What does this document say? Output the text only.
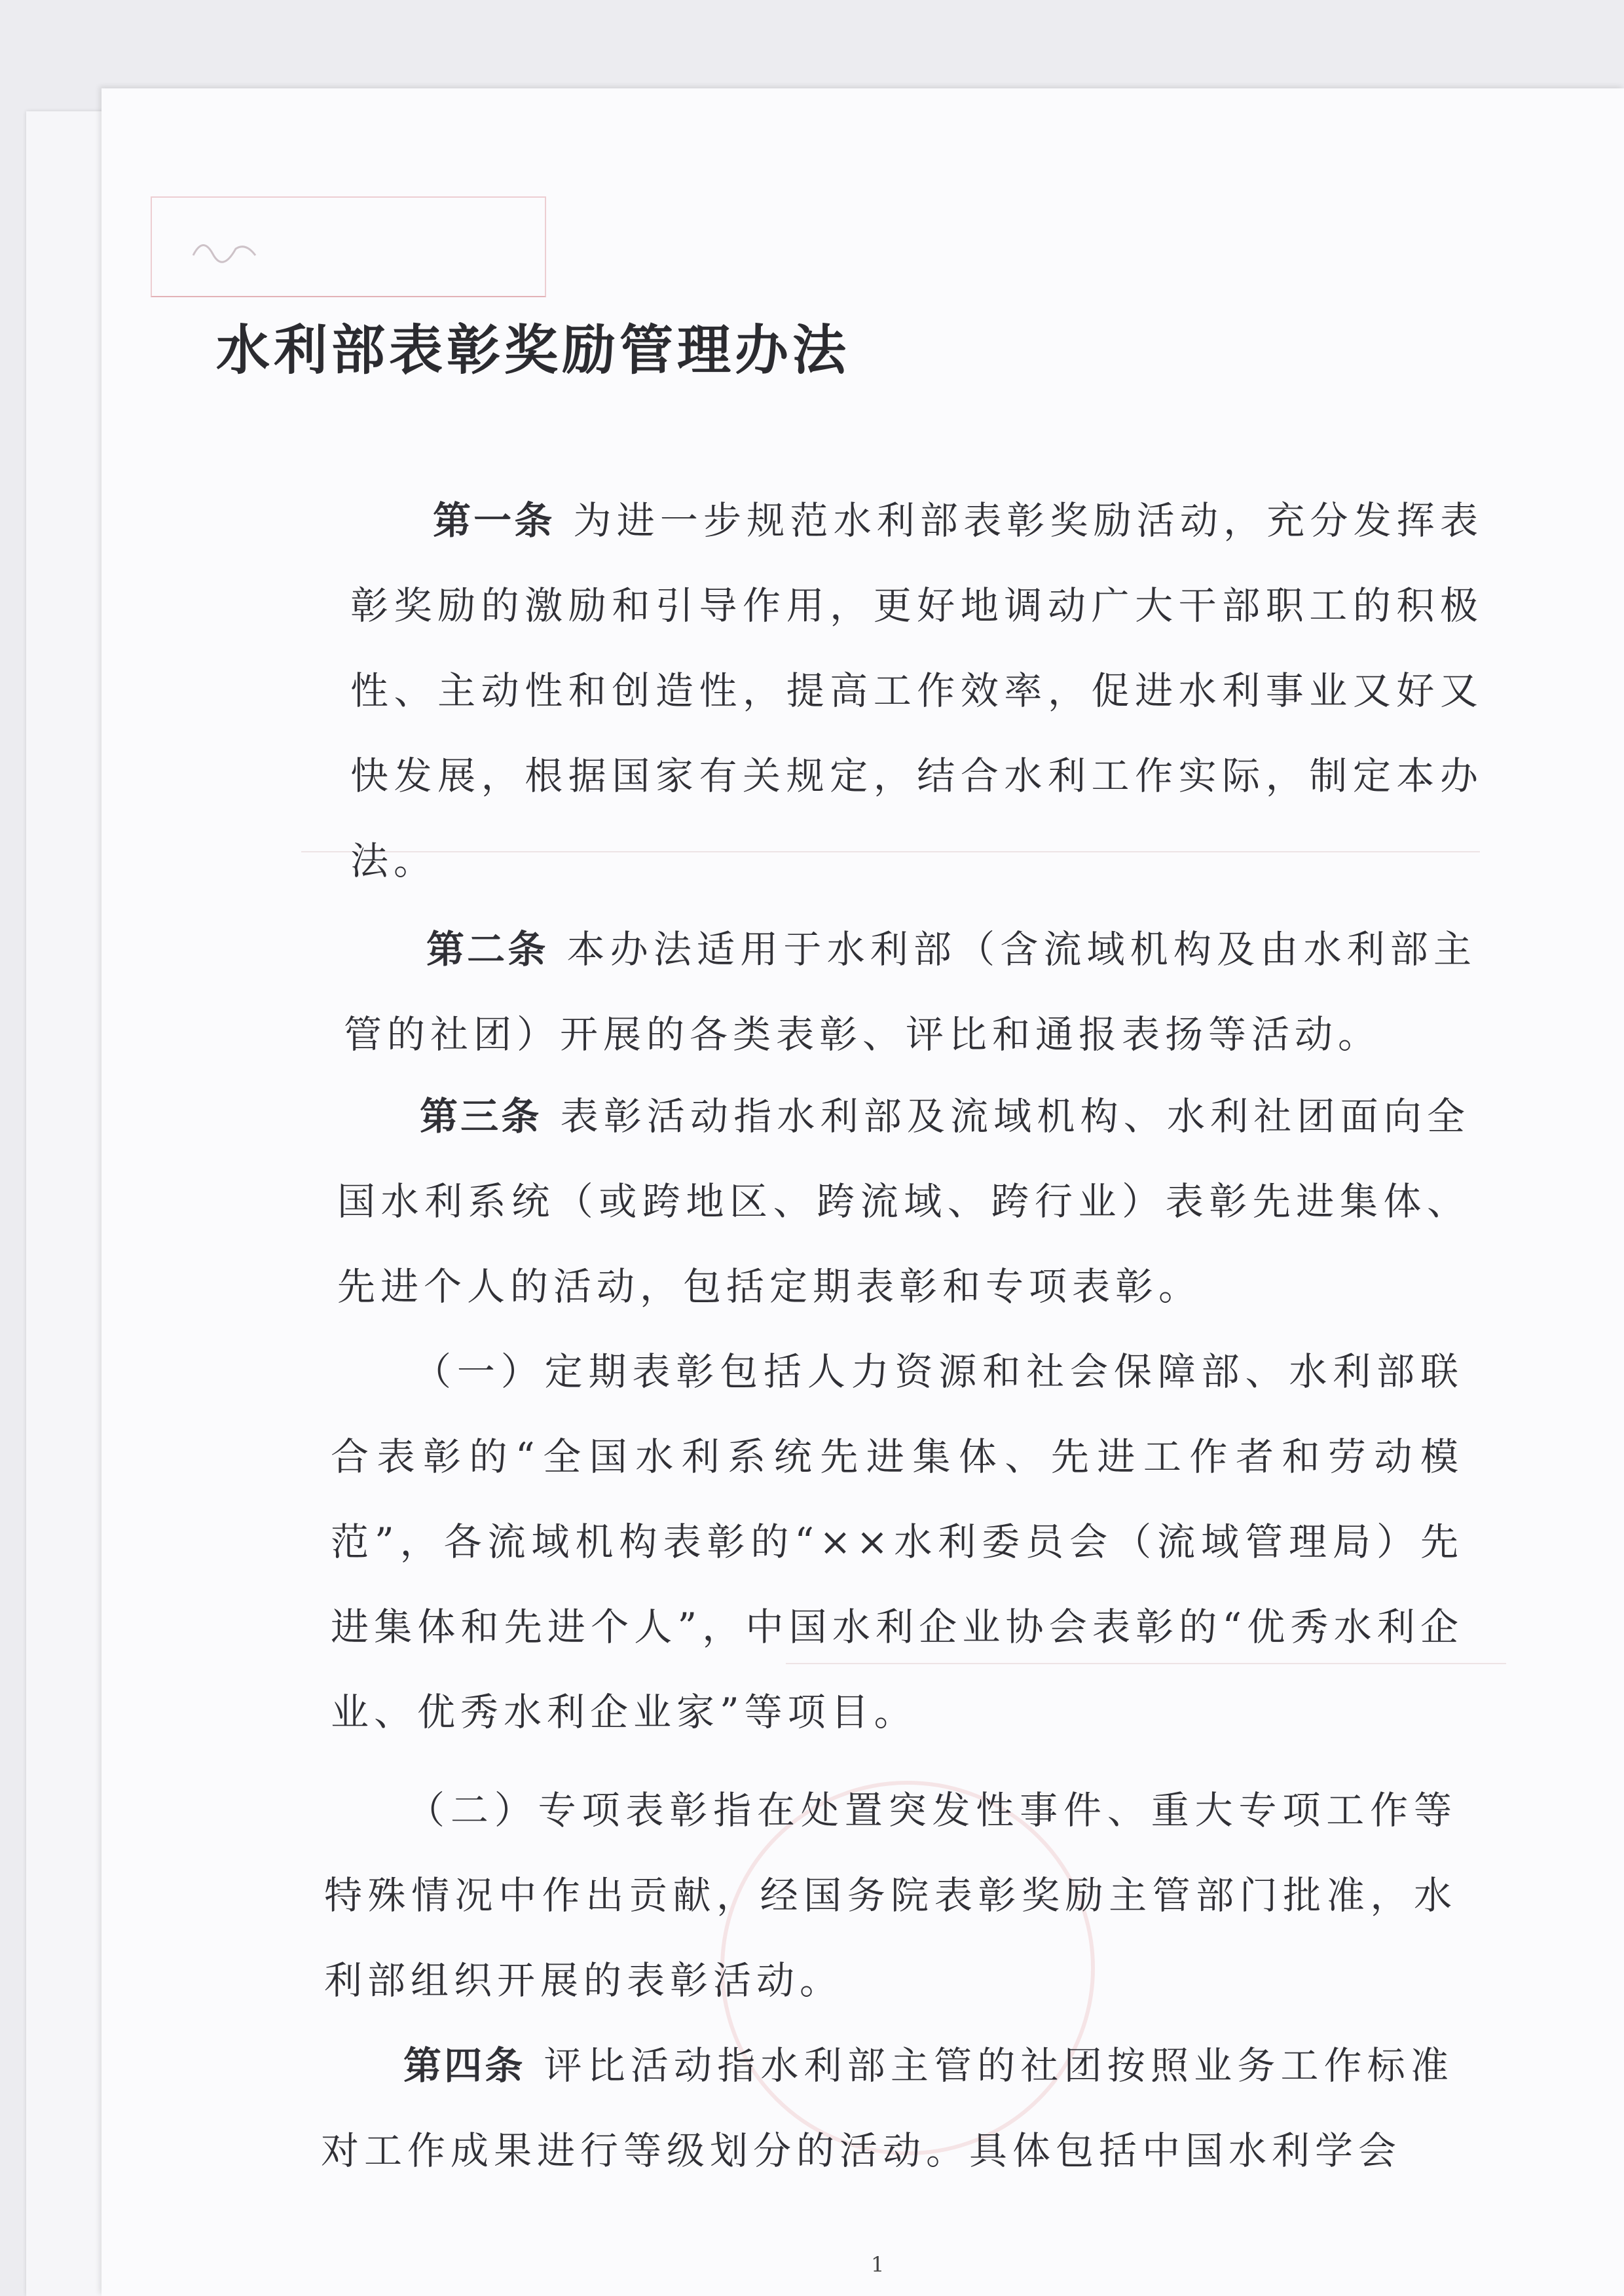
水利部表彰奖励管理办法

第一条 为进一步规范水利部表彰奖励活动，充分发挥表彰奖励的激励和引导作用，更好地调动广大干部职工的积极性、主动性和创造性，提高工作效率，促进水利事业又好又快发展，根据国家有关规定，结合水利工作实际，制定本办法。

第二条 本办法适用于水利部（含流域机构及由水利部主管的社团）开展的各类表彰、评比和通报表扬等活动。

第三条 表彰活动指水利部及流域机构、水利社团面向全国水利系统（或跨地区、跨流域、跨行业）表彰先进集体、先进个人的活动，包括定期表彰和专项表彰。

（一）定期表彰包括人力资源和社会保障部、水利部联合表彰的“全国水利系统先进集体、先进工作者和劳动模范”，各流域机构表彰的“××水利委员会（流域管理局）先进集体和先进个人”，中国水利企业协会表彰的“优秀水利企业、优秀水利企业家”等项目。

（二）专项表彰指在处置突发性事件、重大专项工作等特殊情况中作出贡献，经国务院表彰奖励主管部门批准，水利部组织开展的表彰活动。

第四条 评比活动指水利部主管的社团按照业务工作标准对工作成果进行等级划分的活动。具体包括中国水利学会

1
